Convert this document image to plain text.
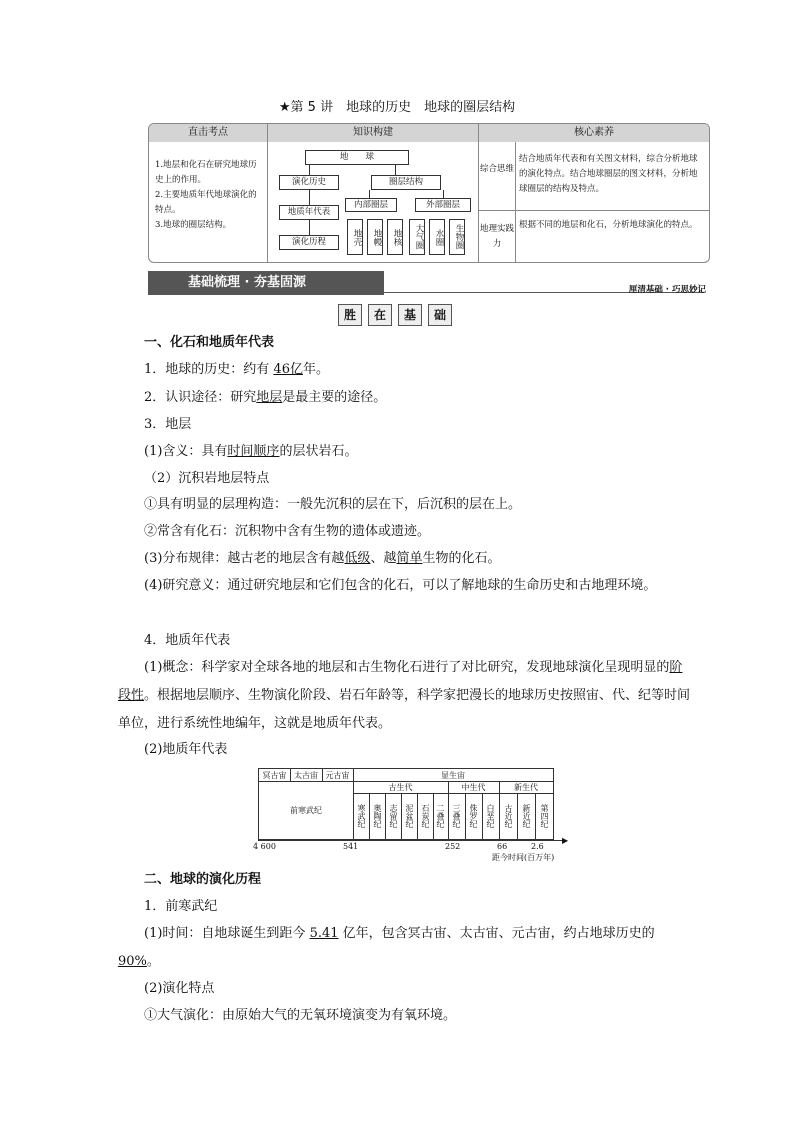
★第 5 讲　地球的历史　地球的圈层结构
直击考点	知识构建	核心素养
1.地层和化石在研究地球历史上的作用。
2.主要地质年代地球演化的特点。
3.地球的圈层结构。
地　　球
演化历史	圈层结构
地质年代表
演化历程
内部圈层	外部圈层
地壳	地幔	地核	大气圈	水圈	生物圈
综合思维
结合地质年代表和有关图文材料，综合分析地球的演化特点。结合地球圈层的图文材料，分析地球圈层的结构及特点。
地理实践力
根据不同的地层和化石，分析地球演化的特点。
基础梳理 · 夯基固源	厘清基础 · 巧思妙记
胜	在	基	础
一、化石和地质年代表
1．地球的历史：约有 46亿年。
2．认识途径：研究地层是最主要的途径。
3．地层
(1)含义：具有时间顺序的层状岩石。
（2）沉积岩地层特点
①具有明显的层理构造：一般先沉积的层在下，后沉积的层在上。
②常含有化石：沉积物中含有生物的遗体或遗迹。
(3)分布规律：越古老的地层含有越低级、越简单生物的化石。
(4)研究意义：通过研究地层和它们包含的化石，可以了解地球的生命历史和古地理环境。
4．地质年代表
(1)概念：科学家对全球各地的地层和古生物化石进行了对比研究，发现地球演化呈现明显的阶段性。根据地层顺序、生物演化阶段、岩石年龄等，科学家把漫长的地球历史按照宙、代、纪等时间单位，进行系统性地编年，这就是地质年代表。
(2)地质年代表
冥古宙 太古宙 元古宙	显生宙
古生代	中生代	新生代
前寒武纪	寒武纪 奥陶纪 志留纪 泥盆纪 石炭纪 二叠纪 三叠纪	侏罗纪	白垩纪	古近纪	新近纪	第四纪
▶
4 600	541	252	66	2.6
距今时间(百万年)
二、地球的演化历程
1．前寒武纪
(1)时间：自地球诞生到距今 5.41 亿年，包含冥古宙、太古宙、元古宙，约占地球历史的90%。
(2)演化特点
①大气演化：由原始大气的无氧环境演变为有氧环境。
